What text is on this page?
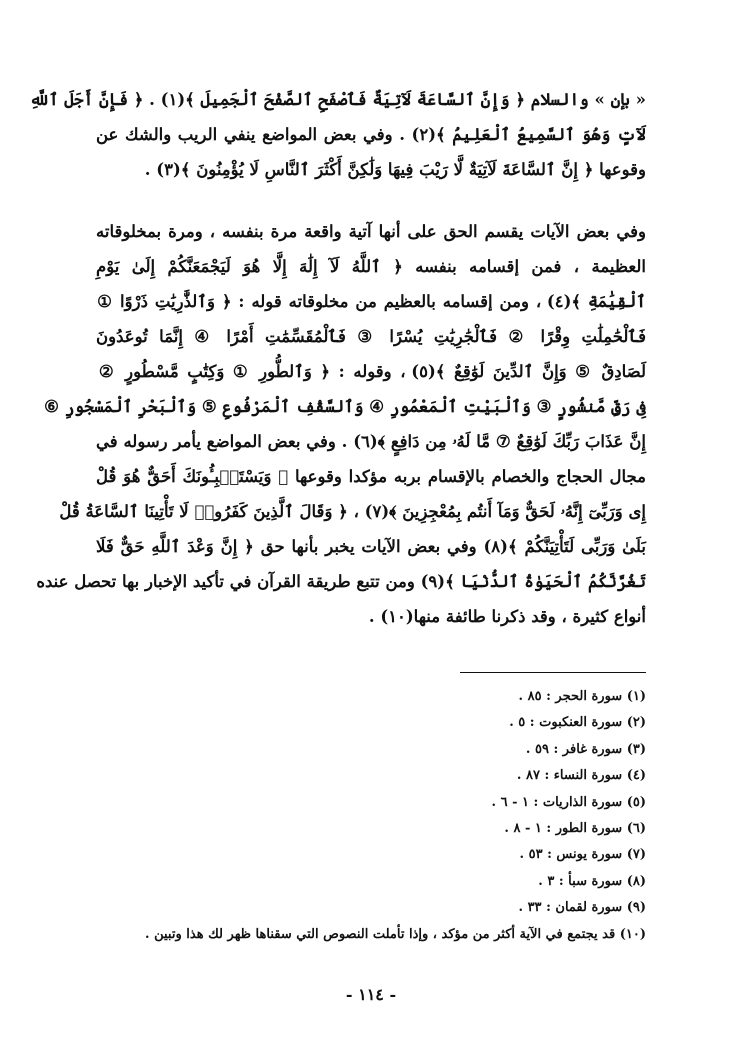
« بإن » والسلام ﴿ وَإِنَّ ٱلسَّاعَةَ لَآتِيَةٌ فَٱصْفَحِ ٱلصَّفْحَ ٱلْجَمِيلَ ﴾(١) . ﴿ فَإِنَّ أَجَلَ ٱللَّهِ
لَآتٍ وَهُوَ ٱلسَّمِيعُ ٱلْعَلِيمُ ﴾(٢) . وفي بعض المواضع ينفي الريب والشك عن
وقوعها ﴿ إِنَّ ٱلسَّاعَةَ لَآتِيَةٌ لَّا رَيْبَ فِيهَا وَلَٰكِنَّ أَكْثَرَ ٱلنَّاسِ لَا يُؤْمِنُونَ ﴾(٣) .
وفي بعض الآيات يقسم الحق على أنها آتية واقعة مرة بنفسه ، ومرة بمخلوقاته
العظيمة ، فمن إقسامه بنفسه ﴿ ٱللَّهُ لَآ إِلَٰهَ إِلَّا هُوَ لَيَجْمَعَنَّكُمْ إِلَىٰ يَوْمِ
ٱلْقِيَٰمَةِ ﴾(٤) ، ومن إقسامه بالعظيم من مخلوقاته قوله : ﴿ وَٱلذَّٰرِيَٰتِ ذَرْوًا ①
فَٱلْحَٰمِلَٰتِ وِقْرًا ② فَٱلْجَٰرِيَٰتِ يُسْرًا ③ فَٱلْمُقَسِّمَٰتِ أَمْرًا ④ إِنَّمَا تُوعَدُونَ
لَصَادِقٌ ⑤ وَإِنَّ ٱلدِّينَ لَوَٰقِعٌ ﴾(٥) ، وقوله : ﴿ وَٱلطُّورِ ① وَكِتَٰبٍ مَّسْطُورٍ ②
فِى رَقٍّ مَّنشُورٍ ③ وَٱلْبَيْتِ ٱلْمَعْمُورِ ④ وَٱلسَّقْفِ ٱلْمَرْفُوعِ ⑤ وَٱلْبَحْرِ ٱلْمَسْجُورِ ⑥
إِنَّ عَذَابَ رَبِّكَ لَوَٰقِعٌ ⑦ مَّا لَهُۥ مِن دَافِعٍ ﴾(٦) . وفي بعض المواضع يأمر رسوله في
مجال الحجاج والخصام بالإقسام بربه مؤكدا وقوعها ﴿ وَيَسْتَنۢبِـُٔونَكَ أَحَقٌّ هُوَ قُلْ
إِى وَرَبِّىٓ إِنَّهُۥ لَحَقٌّ وَمَآ أَنتُم بِمُعْجِزِينَ ﴾(٧) ، ﴿ وَقَالَ ٱلَّذِينَ كَفَرُوا۟ لَا تَأْتِينَا ٱلسَّاعَةُ قُلْ
بَلَىٰ وَرَبِّى لَتَأْتِيَنَّكُمْ ﴾(٨) وفي بعض الآيات يخبر بأنها حق ﴿ إِنَّ وَعْدَ ٱللَّهِ حَقٌّ فَلَا
تَغُرَّنَّكُمُ ٱلْحَيَوٰةُ ٱلدُّنْيَا ﴾(٩) ومن تتبع طريقة القرآن في تأكيد الإخبار بها تحصل عنده
أنواع كثيرة ، وقد ذكرنا طائفة منها(١٠) .
(١) سورة الحجر : ٨٥ .
(٢) سورة العنكبوت : ٥ .
(٣) سورة غافر : ٥٩ .
(٤) سورة النساء : ٨٧ .
(٥) سورة الذاريات : ١ - ٦ .
(٦) سورة الطور : ١ - ٨ .
(٧) سورة يونس : ٥٣ .
(٨) سورة سبأ : ٣ .
(٩) سورة لقمان : ٣٣ .
(١٠) قد يجتمع في الآية أكثر من مؤكد ، وإذا تأملت النصوص التي سقناها ظهر لك هذا وتبين .
- ١١٤ -
